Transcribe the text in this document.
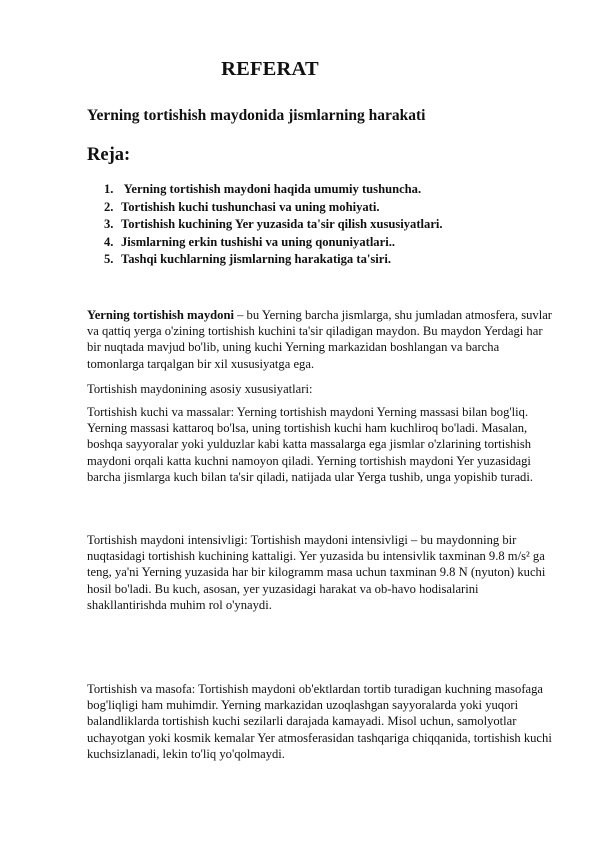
REFERAT
Yerning tortishish maydonida jismlarning harakati
Reja:
1. Yerning tortishish maydoni haqida umumiy tushuncha.
2. Tortishish kuchi tushunchasi va uning mohiyati.
3. Tortishish kuchining Yer yuzasida ta'sir qilish xususiyatlari.
4. Jismlarning erkin tushishi va uning qonuniyatlari..
5. Tashqi kuchlarning jismlarning harakatiga ta'siri.

Yerning tortishish maydoni – bu Yerning barcha jismlarga, shu jumladan atmosfera, suvlar va qattiq yerga o'zining tortishish kuchini ta'sir qiladigan maydon. Bu maydon Yerdagi har bir nuqtada mavjud bo'lib, uning kuchi Yerning markazidan boshlangan va barcha tomonlarga tarqalgan bir xil xususiyatga ega.

Tortishish maydonining asosiy xususiyatlari:

Tortishish kuchi va massalar: Yerning tortishish maydoni Yerning massasi bilan bog'liq. Yerning massasi kattaroq bo'lsa, uning tortishish kuchi ham kuchliroq bo'ladi. Masalan, boshqa sayyoralar yoki yulduzlar kabi katta massalarga ega jismlar o'zlarining tortishish maydoni orqali katta kuchni namoyon qiladi. Yerning tortishish maydoni Yer yuzasidagi barcha jismlarga kuch bilan ta'sir qiladi, natijada ular Yerga tushib, unga yopishib turadi.

Tortishish maydoni intensivligi: Tortishish maydoni intensivligi – bu maydonning bir nuqtasidagi tortishish kuchining kattaligi. Yer yuzasida bu intensivlik taxminan 9.8 m/s² ga teng, ya'ni Yerning yuzasida har bir kilogramm masa uchun taxminan 9.8 N (nyuton) kuchi hosil bo'ladi. Bu kuch, asosan, yer yuzasidagi harakat va ob-havo hodisalarini shakllantirishda muhim rol o'ynaydi.

Tortishish va masofa: Tortishish maydoni ob'ektlardan tortib turadigan kuchning masofaga bog'liqligi ham muhimdir. Yerning markazidan uzoqlashgan sayyoralarda yoki yuqori balandliklarda tortishish kuchi sezilarli darajada kamayadi. Misol uchun, samolyotlar uchayotgan yoki kosmik kemalar Yer atmosferasidan tashqariga chiqqanida, tortishish kuchi kuchsizlanadi, lekin to'liq yo'qolmaydi.
